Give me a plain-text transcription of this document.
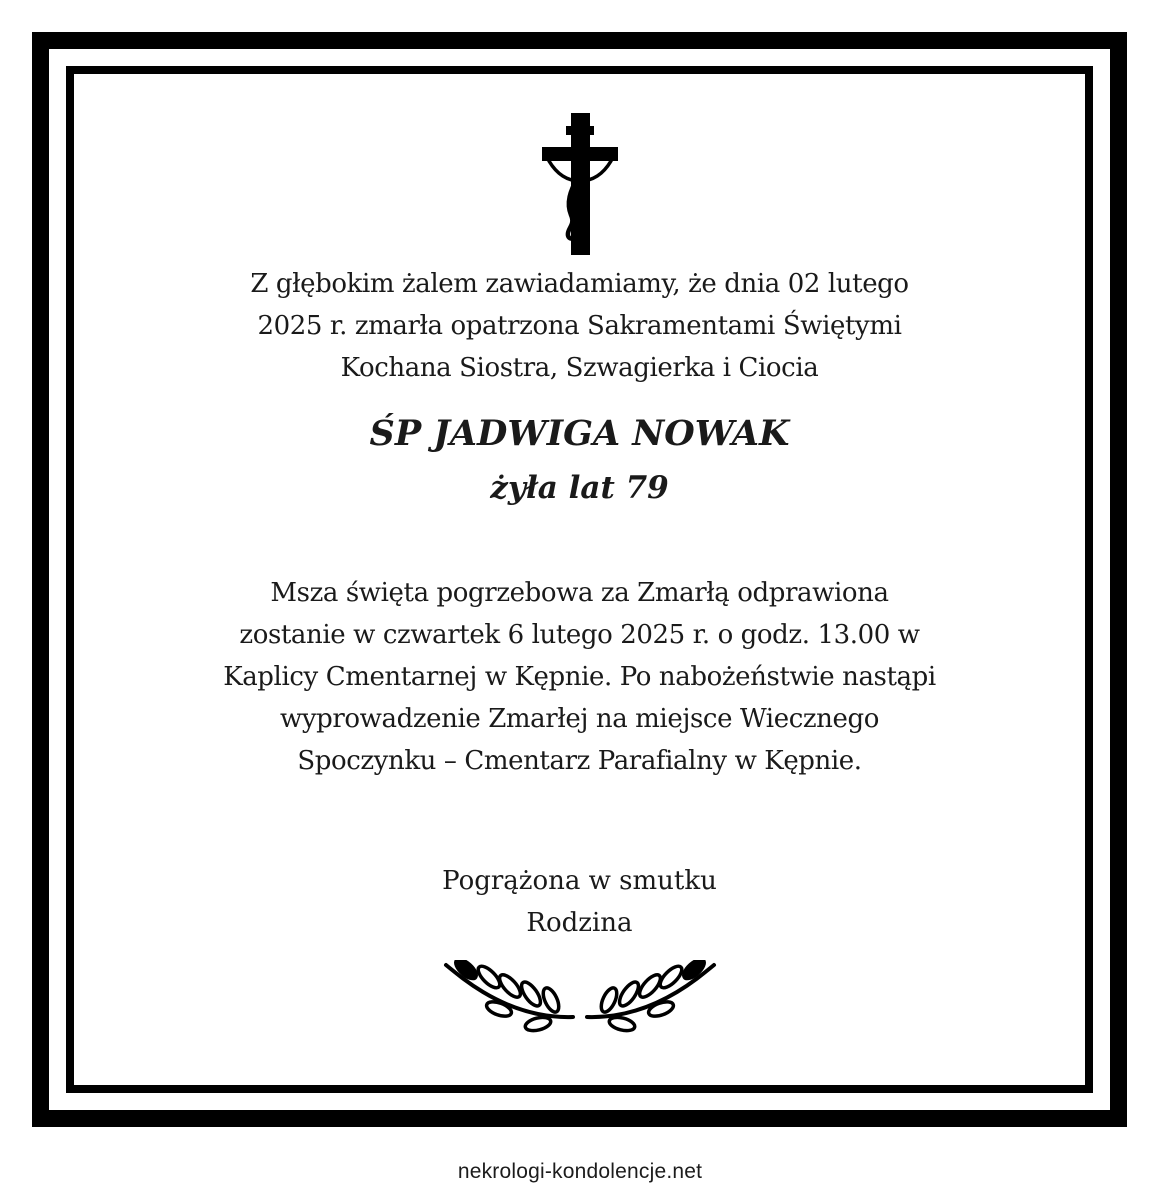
Z głębokim żalem zawiadamiamy, że dnia 02 lutego
2025 r. zmarła opatrzona Sakramentami Świętymi
Kochana Siostra, Szwagierka i Ciocia
ŚP JADWIGA NOWAK
żyła lat 79
Msza święta pogrzebowa za Zmarłą odprawiona
zostanie w czwartek 6 lutego 2025 r. o godz. 13.00 w
Kaplicy Cmentarnej w Kępnie. Po nabożeństwie nastąpi
wyprowadzenie Zmarłej na miejsce Wiecznego
Spoczynku – Cmentarz Parafialny w Kępnie.
Pogrążona w smutku
Rodzina
nekrologi-kondolencje.net
